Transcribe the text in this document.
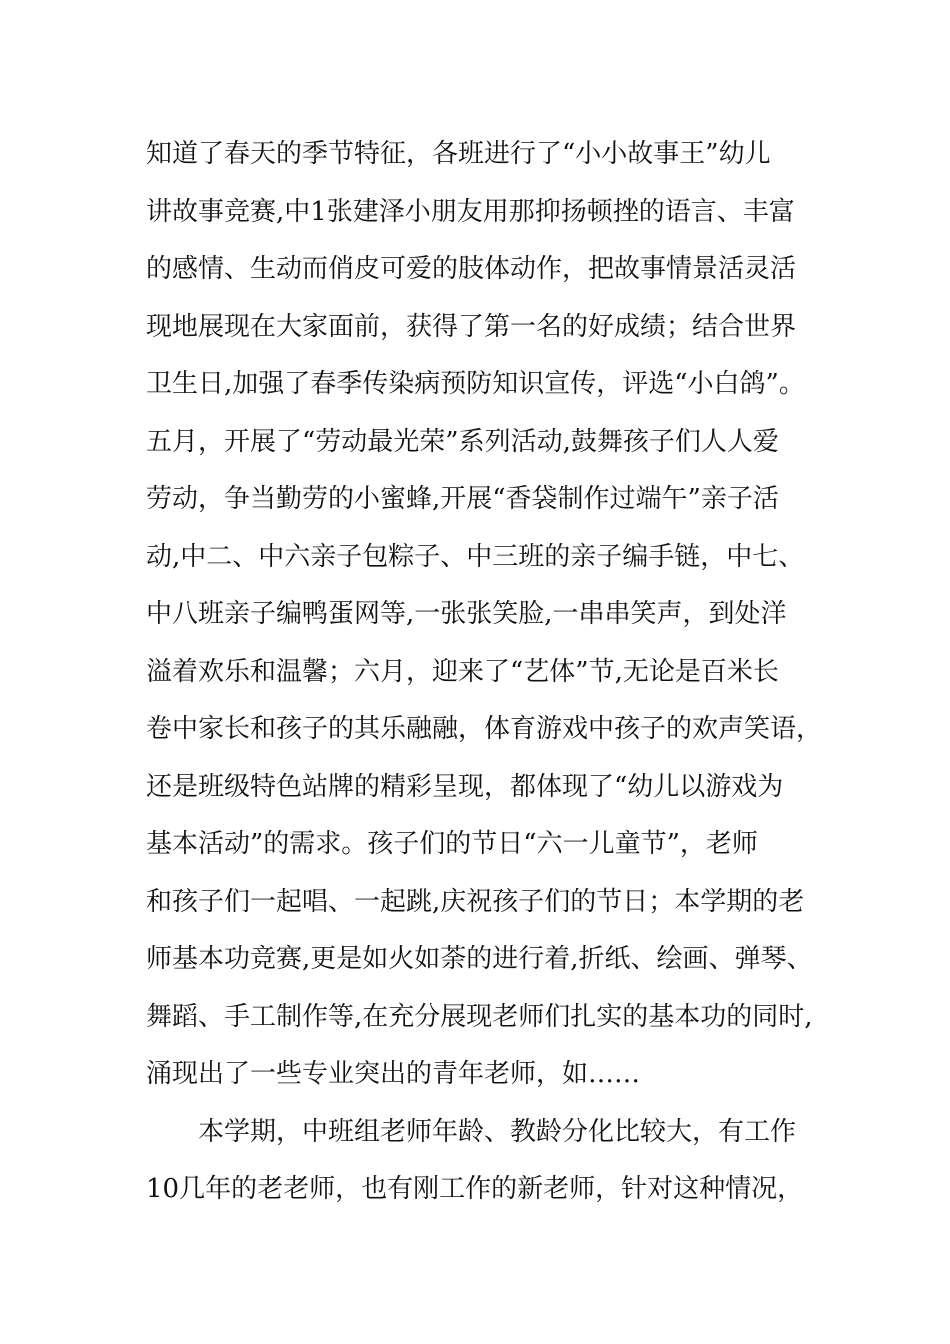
知道了春天的季节特征，各班进行了“小小故事王”幼儿
讲故事竞赛,中1张建泽小朋友用那抑扬顿挫的语言、丰富
的感情、生动而俏皮可爱的肢体动作，把故事情景活灵活
现地展现在大家面前，获得了第一名的好成绩；结合世界
卫生日,加强了春季传染病预防知识宣传，评选“小白鸽”。
五月，开展了“劳动最光荣”系列活动,鼓舞孩子们人人爱
劳动，争当勤劳的小蜜蜂,开展“香袋制作过端午”亲子活
动,中二、中六亲子包粽子、中三班的亲子编手链，中七、
中八班亲子编鸭蛋网等,一张张笑脸,一串串笑声，到处洋
溢着欢乐和温馨；六月，迎来了“艺体”节,无论是百米长
卷中家长和孩子的其乐融融，体育游戏中孩子的欢声笑语，
还是班级特色站牌的精彩呈现，都体现了“幼儿以游戏为
基本活动”的需求。孩子们的节日“六一儿童节”，老师
和孩子们一起唱、一起跳,庆祝孩子们的节日；本学期的老
师基本功竞赛,更是如火如荼的进行着,折纸、绘画、弹琴、
舞蹈、手工制作等,在充分展现老师们扎实的基本功的同时,
涌现出了一些专业突出的青年老师，如……
本学期，中班组老师年龄、教龄分化比较大，有工作
10几年的老老师，也有刚工作的新老师，针对这种情况，
